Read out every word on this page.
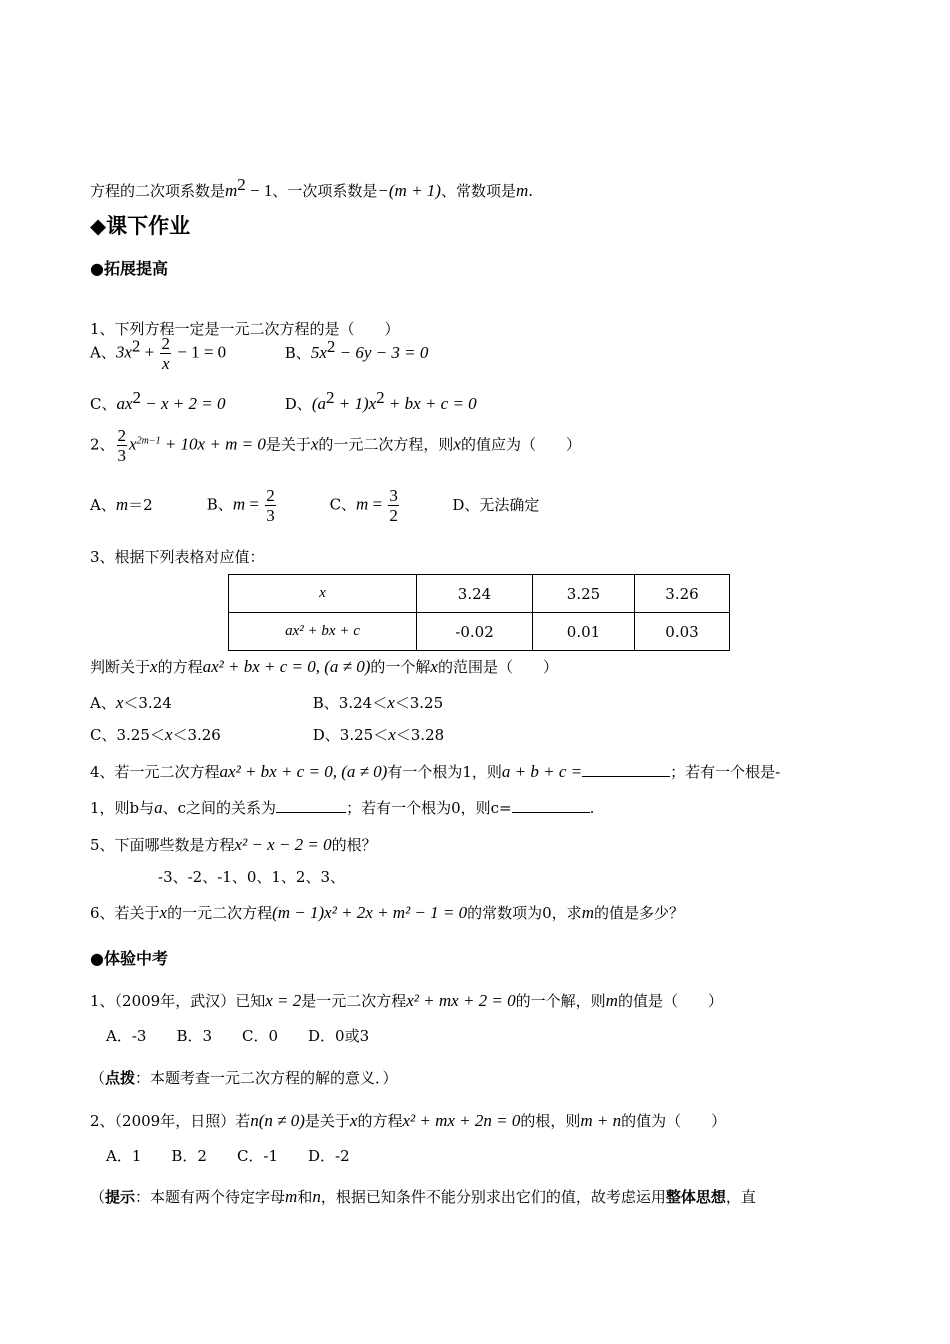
方程的二次项系数是$m^2 - 1$、一次项系数是−(m + 1)、常数项是m.
◆课下作业
●拓展提高
1、下列方程一定是一元二次方程的是（　　）
A、$3x^2 + \frac{2}{x} - 1 = 0$	B、$5x^2 - 6y - 3 = 0$
C、$ax^2 - x + 2 = 0$	D、$(a^2 + 1)x^2$ + bx + c = 0
2、 $\frac{2}{3} x^{2m-1} + 10x + m = 0$是关于x的一元二次方程，则x的值应为（　　）
A、m＝2	B、$m = \frac{2}{3}$	C、$m = \frac{3}{2}$	D、无法确定
3、根据下列表格对应值：
x	3.24	3.25	3.26
ax² + bx + c	-0.02	0.01	0.03
判断关于x的方程ax² + bx + c = 0, (a ≠ 0)的一个解x的范围是（　　）
A、x＜3.24	B、3.24＜x＜3.25
C、3.25＜x＜3.26	D、3.25＜x＜3.28
4、若一元二次方程ax² + bx + c = 0, (a ≠ 0)有一个根为1，则a + b + c =	；若有一个根是-
1，则b与a、c之间的关系为	；若有一个根为0，则c=	.
5、下面哪些数是方程x² − x − 2 = 0的根？
-3、-2、-1、0、1、2、3、
6、若关于x的一元二次方程(m − 1)x² + 2x + m² − 1 = 0的常数项为0，求m的值是多少？
●体验中考
1、（2009年，武汉）已知x = 2是一元二次方程x² + mx + 2 = 0的一个解，则m的值是（　　）
A．-3　　B．3　　C．0　　D．0或3
（点拨：本题考查一元二次方程的解的意义．）
2、（2009年，日照）若n(n ≠ 0)是关于x的方程x² + mx + 2n = 0的根，则m + n的值为（　　）
A．1　　B．2　　C．-1　　D．-2
（提示：本题有两个待定字母m和n，根据已知条件不能分别求出它们的值，故考虑运用整体思想，直
